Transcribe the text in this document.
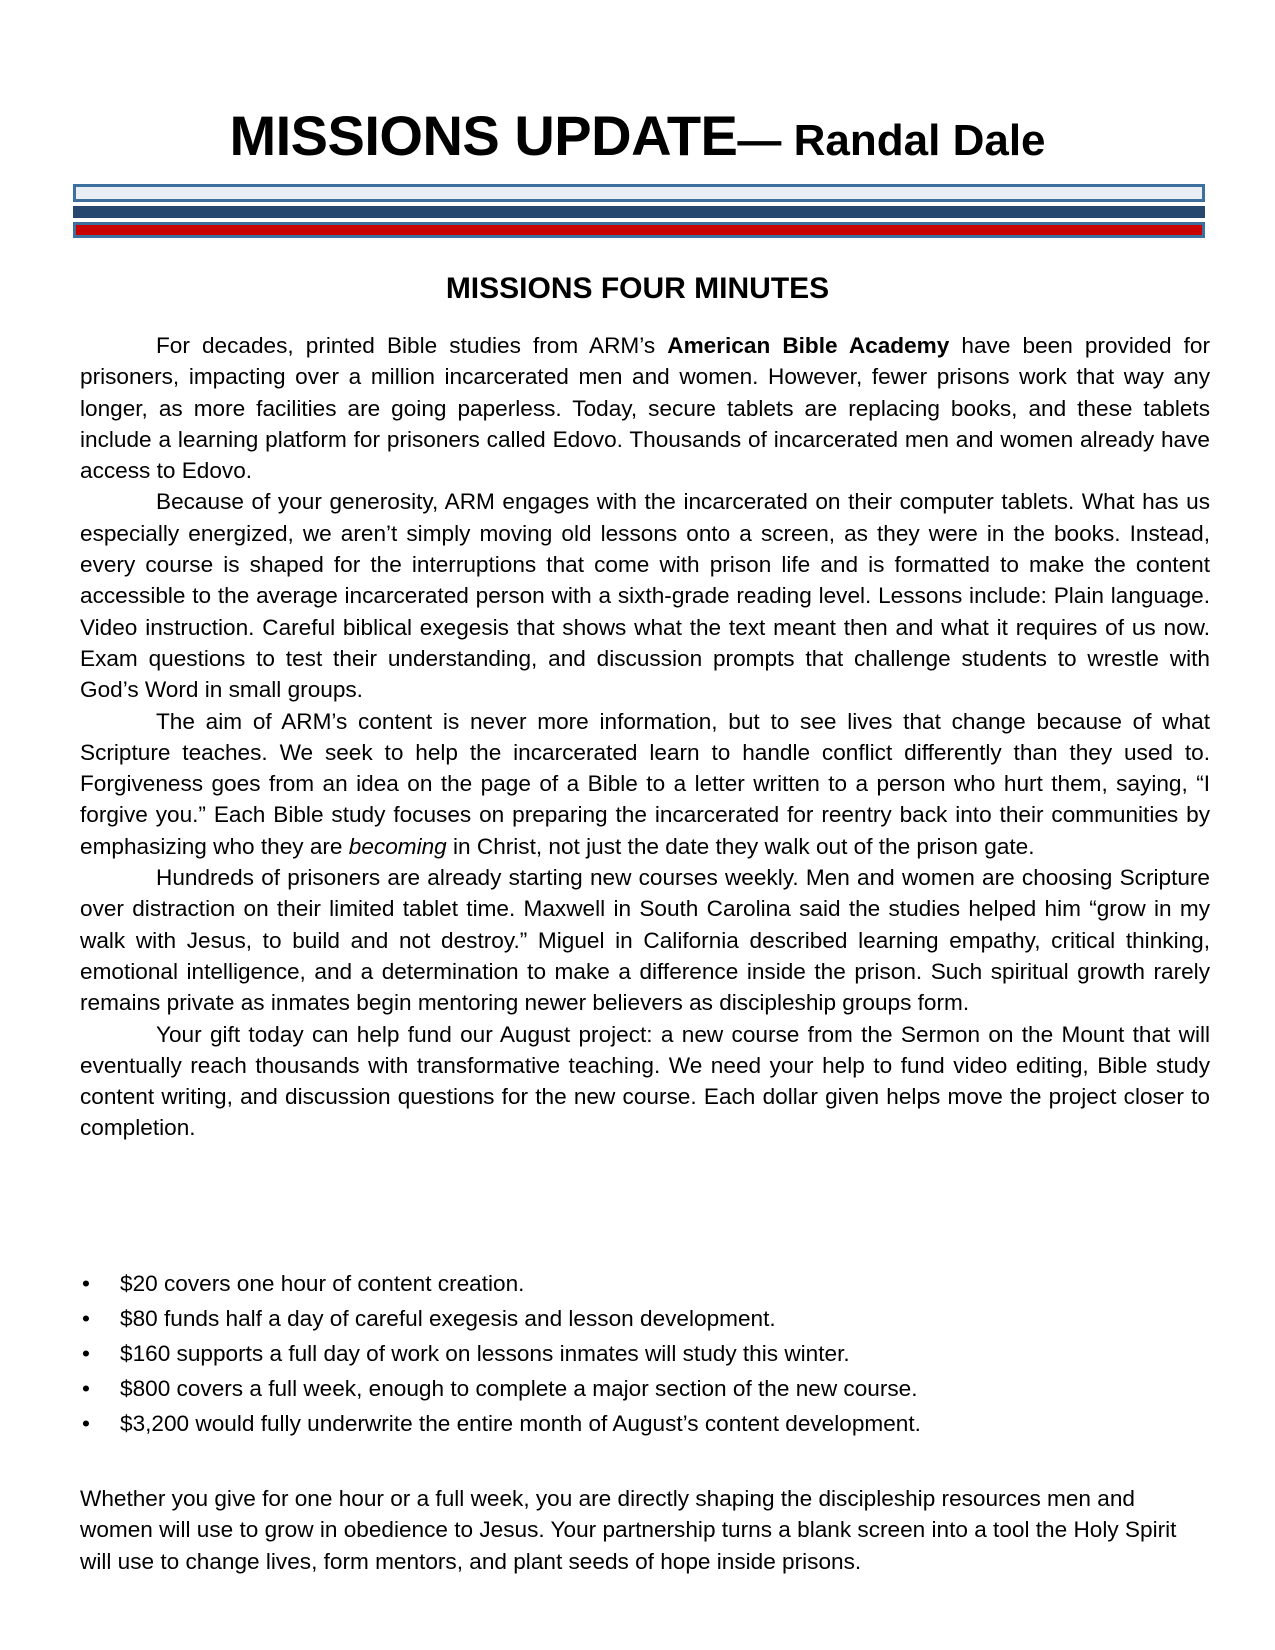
MISSIONS UPDATE— Randal Dale
MISSIONS FOUR MINUTES

For decades, printed Bible studies from ARM’s American Bible Academy have been provided for prisoners, impacting over a million incarcerated men and women. However, fewer prisons work that way any longer, as more facilities are going paperless. Today, secure tablets are replacing books, and these tablets include a learning platform for prisoners called Edovo. Thousands of incarcerated men and women already have access to Edovo.

Because of your generosity, ARM engages with the incarcerated on their computer tablets. What has us especially energized, we aren’t simply moving old lessons onto a screen, as they were in the books. Instead, every course is shaped for the interruptions that come with prison life and is formatted to make the content accessible to the average incarcerated person with a sixth-grade reading level. Lessons include: Plain language. Video instruction. Careful biblical exegesis that shows what the text meant then and what it requires of us now. Exam questions to test their understanding, and discussion prompts that challenge students to wrestle with God’s Word in small groups.

The aim of ARM’s content is never more information, but to see lives that change because of what Scripture teaches. We seek to help the incarcerated learn to handle conflict differently than they used to. Forgiveness goes from an idea on the page of a Bible to a letter written to a person who hurt them, saying, “I forgive you.” Each Bible study focuses on preparing the incarcerated for reentry back into their communities by emphasizing who they are becoming in Christ, not just the date they walk out of the prison gate.

Hundreds of prisoners are already starting new courses weekly. Men and women are choosing Scripture over distraction on their limited tablet time. Maxwell in South Carolina said the studies helped him “grow in my walk with Jesus, to build and not destroy.” Miguel in California described learning empathy, critical thinking, emotional intelligence, and a determination to make a difference inside the prison. Such spiritual growth rarely remains private as inmates begin mentoring newer believers as discipleship groups form.

Your gift today can help fund our August project: a new course from the Sermon on the Mount that will eventually reach thousands with transformative teaching. We need your help to fund video editing, Bible study content writing, and discussion questions for the new course. Each dollar given helps move the project closer to completion.

• $20 covers one hour of content creation.
• $80 funds half a day of careful exegesis and lesson development.
• $160 supports a full day of work on lessons inmates will study this winter.
• $800 covers a full week, enough to complete a major section of the new course.
• $3,200 would fully underwrite the entire month of August’s content development.

Whether you give for one hour or a full week, you are directly shaping the discipleship resources men and women will use to grow in obedience to Jesus. Your partnership turns a blank screen into a tool the Holy Spirit will use to change lives, form mentors, and plant seeds of hope inside prisons.
